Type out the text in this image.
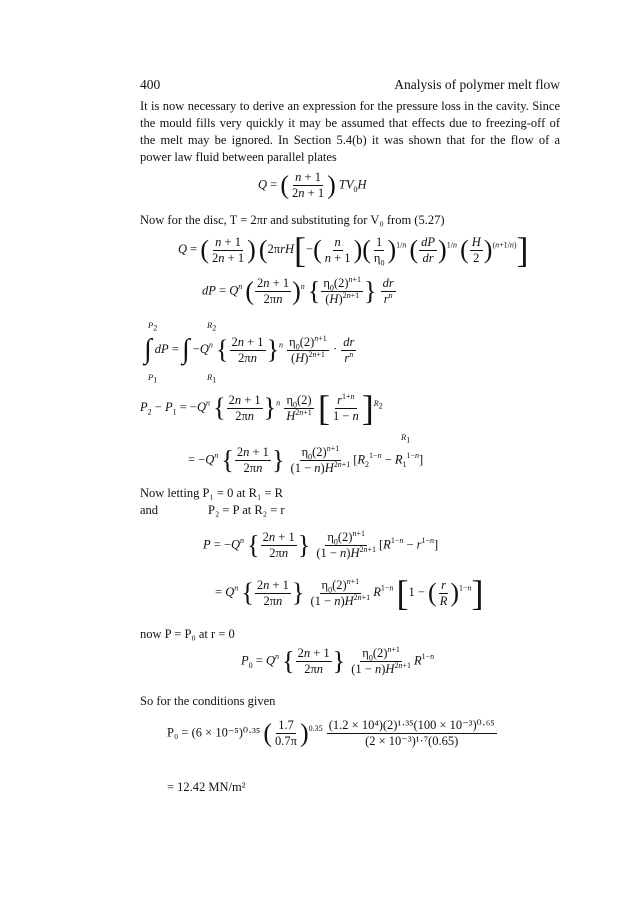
400	Analysis of polymer melt flow
It is now necessary to derive an expression for the pressure loss in the cavity. Since the mould fills very quickly it may be assumed that effects due to freezing-off of the melt may be ignored. In Section 5.4(b) it was shown that for the flow of a power law fluid between parallel plates
Q = ( $\frac{n + 1}{2n + 1}$ ) $TV_0H$
Now for the disc, T = 2πr and substituting for V₀ from (5.27)
Q = ( $\frac{n + 1}{2n + 1}$ ) ($2\pi rH[-( \frac{n}{n + 1}$ )( $\frac{1}{\eta_0} )^{1/n}$ ( $\frac{dP}{dr} )^{1/n}$ ( $\frac{H}{2} )^{(n+1/n)}$]
dP = $Q^n$ ( $\frac{2n + 1}{2\pi n} )^n$ { $\frac{\eta_0(2)^{n+1}}{(H)^{2n+1}}$ } $\frac{dr}{r^n}$
$P_2$	$R_2$
$P_1$	$R_1$
∫ dP = ∫ $-Q^n$ { $\frac{2n + 1}{2\pi n} \}^n \frac{\eta_0(2)^{n+1}}{(H)^{2n+1}} \cdot \frac{dr}{r^n}$
$P_2 - P_1 = -Q^n$ { $\frac{2n + 1}{2\pi n} \}^n \frac{\eta_0(2)}{H^{2n+1}}$ [ $\frac{r^{1+n}}{1 - n} ]^{R_2}$
$R_1$
= $-Q^n$ { $\frac{2n + 1}{2\pi n}$ } $\frac{\eta_0(2)^{n+1}}{(1 - n)H^{2n+1}} [R_2^{1-n} - R_1^{1-n}]$
Now letting P₁ = 0 at R₁ = R
and	P₂ = P at R₂ = r
$P = -Q^n$ { $\frac{2n + 1}{2\pi n}$ } $\frac{\eta_0(2)^{n+1}}{(1 - n)H^{2n+1}} [R^{1-n} - r^{1-n}]$
= $Q^n$ { $\frac{2n + 1}{2\pi n}$ } $\frac{\eta_0(2)^{n+1}}{(1 - n)H^{2n+1}} R^{1-n}$ [1 − ( $\frac{r}{R} )^{1-n}$]
now P = P₀ at r = 0
$P_0 = Q^n$ { $\frac{2n + 1}{2\pi n}$ } $\frac{\eta_0(2)^{n+1}}{(1 - n)H^{2n+1}} R^{1-n}$
So for the conditions given
P₀ = (6 × 10⁻⁵)⁰·³⁵ ( $\frac{1.7}{0.7\pi} )^{0.35} \frac{\text{(1.2 × 10⁴)(2)¹·³⁵(100 × 10⁻³)⁰·⁶⁵}}{\text{(2 × 10⁻³)¹·⁷(0.65)}}$
= 12.42 MN/m²
